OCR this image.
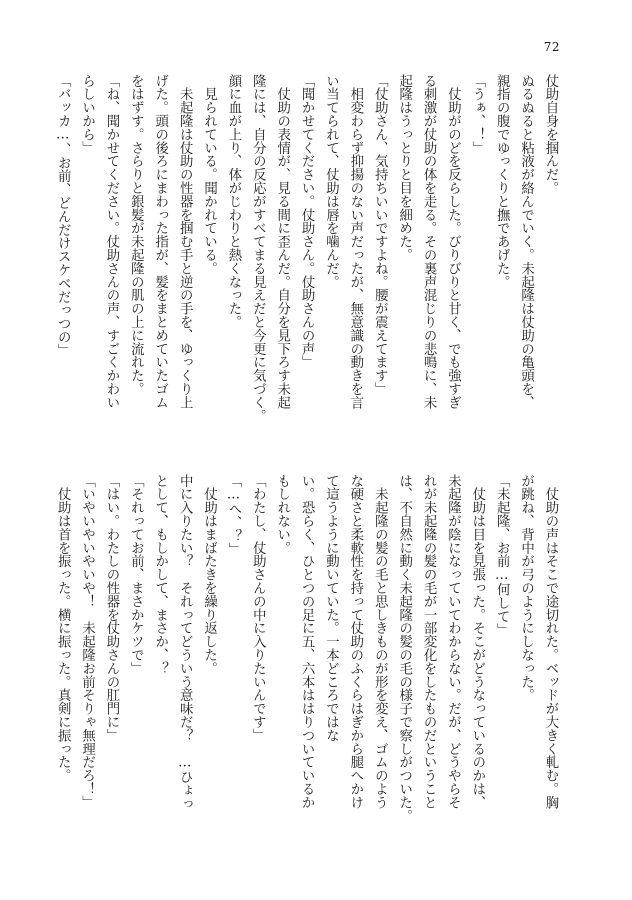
72
仗助自身を掴んだ。
ぬるぬると粘液が絡んでいく。未起隆は仗助の亀頭を、
親指の腹でゆっくりと撫であげた。
「うぁ、！」
　仗助がのどを反らした。びりびりと甘く、でも強すぎ
る刺激が仗助の体を走る。その裏声混じりの悲鳴に、未
起隆はうっとりと目を細めた。
「仗助さん、気持ちいいですよね。腰が震えてます」
　相変わらず抑揚のない声だったが、無意識の動きを言
い当てられて、仗助は唇を噛んだ。
「聞かせてください。仗助さん。仗助さんの声」
　仗助の表情が、見る間に歪んだ。自分を見下ろす未起
隆には、自分の反応がすべてまる見えだと今更に気づく。
顔に血が上り、体がじわりと熱くなった。
　見られている。聞かれている。
　未起隆は仗助の性器を掴む手と逆の手を、ゆっくり上
げた。頭の後ろにまわった指が、髪をまとめていたゴム
をはずす。さらりと銀髪が未起隆の肌の上に流れた。
「ね、聞かせてください。仗助さんの声、すごくかわい
らしいから」
「バッカ…、お前、どんだけスケベだっつの」
　仗助の声はそこで途切れた。ベッドが大きく軋む。胸
が跳ね、背中が弓のようにしなった。
「未起隆、お前…何して」
　仗助は目を見張った。そこがどうなっているのかは、
未起隆が陰になっていてわからない。だが、どうやらそ
れが未起隆の髪の毛が一部変化をしたものだということ
は、不自然に動く未起隆の髪の毛の様子で察しがついた。
　未起隆の髪の毛と思しきものが形を変え、ゴムのよう
な硬さと柔軟性を持って仗助のふくらはぎから腿へかけ
て這うように動いていた。一本どころではな
い。恐らく、ひとつの足に五、六本ははりついているか
もしれない。
「わたし、仗助さんの中に入りたいんです」
「…へ、？」
　仗助はまばたきを繰り返した。
中に入りたい？　それってどういう意味だ？　…ひょっ
として、もしかして、まさか、？
「それってお前、まさかケツで」
「はい。わたしの性器を仗助さんの肛門に」
「いやいやいやいや！　未起隆お前そりゃ無理だろ！」
　仗助は首を振った。横に振った。真剣に振った。
